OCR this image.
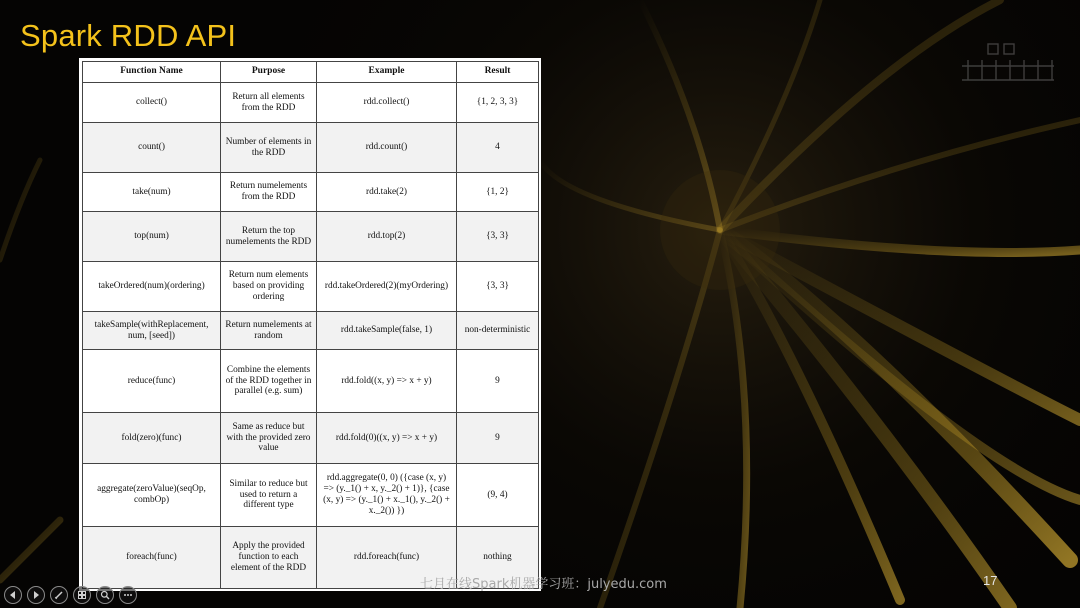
Spark RDD API
Function Name	Purpose	Example	Result
collect()	Return all elements from the RDD	rdd.collect()	{1, 2, 3, 3}
count()	Number of elements in the RDD	rdd.count()	4
take(num)	Return numelements from the RDD	rdd.take(2)	{1, 2}
top(num)	Return the top numelements the RDD	rdd.top(2)	{3, 3}
takeOrdered(num)(ordering)	Return num elements based on providing ordering	rdd.takeOrdered(2)(myOrdering)	{3, 3}
takeSample(withReplacement, num, [seed])	Return numelements at random	rdd.takeSample(false, 1)	non-deterministic
reduce(func)	Combine the elements of the RDD together in parallel (e.g. sum)	rdd.fold((x, y) => x + y)	9
fold(zero)(func)	Same as reduce but with the provided zero value	rdd.fold(0)((x, y) => x + y)	9
aggregate(zeroValue)(seqOp, combOp)	Similar to reduce but used to return a different type	rdd.aggregate(0, 0) ({case (x, y) => (y._1() + x, y._2() + 1)}, {case (x, y) => (y._1() + x._1(), y._2() + x._2()) })	(9, 4)
foreach(func)	Apply the provided function to each element of the RDD	rdd.foreach(func)	nothing
七月在线Spark机器学习班：julyedu.com	17
